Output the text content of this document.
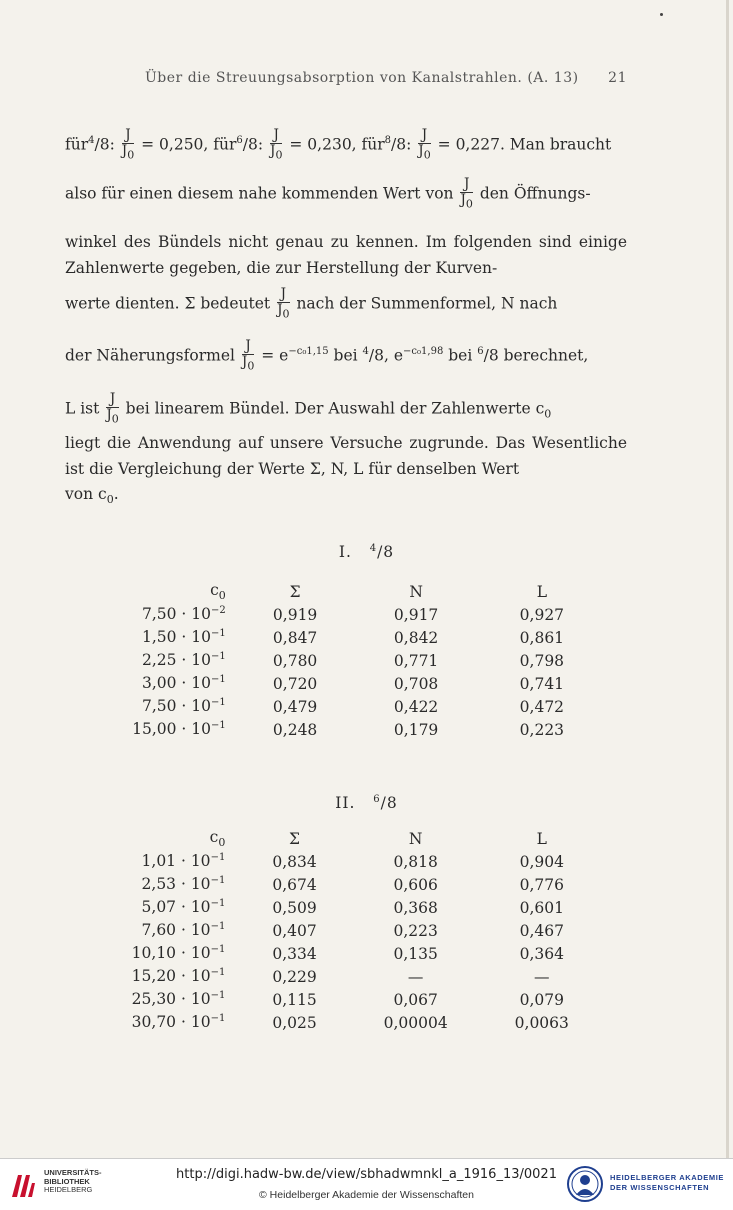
Über die Streuungsabsorption von Kanalstrahlen. (A. 13) 21
für$^4$/8: $\frac{J}{J_0} = 0,250$, für$^6$/8: $\frac{J}{J_0} = 0,230$, für$^8$/8: $\frac{J}{J_0} = 0,227$. Man braucht
also für einen diesem nahe kommenden Wert von $\frac{J}{J_0}$ den Öffnungs-
winkel des Bündels nicht genau zu kennen. Im folgenden sind einige Zahlenwerte gegeben, die zur Herstellung der Kurven-
werte dienten. Σ bedeutet $\frac{J}{J_0}$ nach der Summenformel, N nach
der Näherungsformel $\frac{J}{J_0} = e^{-c_01,15}$ bei $^4$/8, $e^{-c_01,98}$ bei $^6$/8 berechnet,
L ist $\frac{J}{J_0}$ bei linearem Bündel. Der Auswahl der Zahlenwerte $c_0$
liegt die Anwendung auf unsere Versuche zugrunde. Das Wesentliche ist die Vergleichung der Werte Σ, N, L für denselben Wert
von $c_0$.
I. $^4$/8
$c_0$	Σ	N	L
$7,50 \cdot 10^{-2}$	0,919	0,917	0,927
$1,50 \cdot 10^{-1}$	0,847	0,842	0,861
$2,25 \cdot 10^{-1}$	0,780	0,771	0,798
$3,00 \cdot 10^{-1}$	0,720	0,708	0,741
$7,50 \cdot 10^{-1}$	0,479	0,422	0,472
$15,00 \cdot 10^{-1}$	0,248	0,179	0,223
II. $^6$/8
$c_0$	Σ	N	L
$1,01 \cdot 10^{-1}$	0,834	0,818	0,904
$2,53 \cdot 10^{-1}$	0,674	0,606	0,776
$5,07 \cdot 10^{-1}$	0,509	0,368	0,601
$7,60 \cdot 10^{-1}$	0,407	0,223	0,467
$10,10 \cdot 10^{-1}$	0,334	0,135	0,364
$15,20 \cdot 10^{-1}$	0,229	—	—
$25,30 \cdot 10^{-1}$	0,115	0,067	0,079
$30,70 \cdot 10^{-1}$	0,025	0,00004	0,0063
UNIVERSITÄTS-
BIBLIOTHEK
HEIDELBERG
http://digi.hadw-bw.de/view/sbhadwmnkl_a_1916_13/0021
© Heidelberger Akademie der Wissenschaften
HEIDELBERGER AKADEMIE
DER WISSENSCHAFTEN
